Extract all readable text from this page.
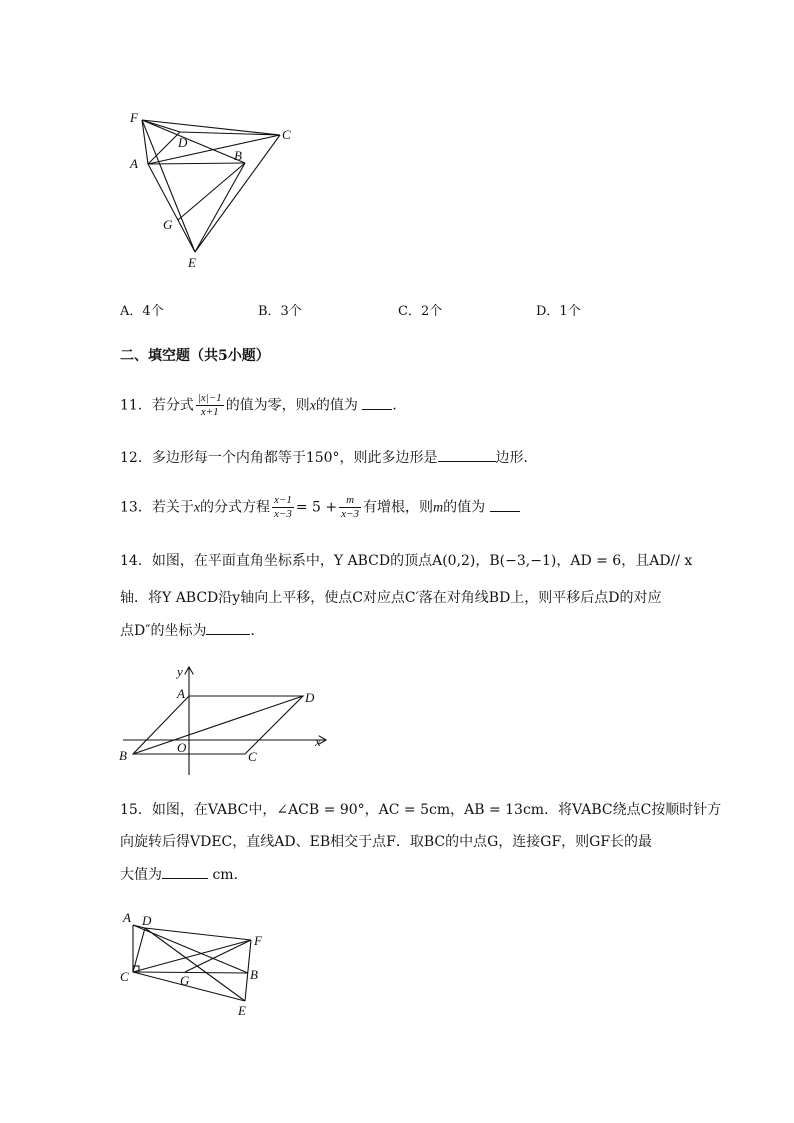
F
D
C
A
B
G
E
A．4个	B．3个	C．2个	D．1个
二、填空题（共5小题）
11．若分式 $\frac{|x|-1}{x+1}$ 的值为零，则x的值为 ．
12．多边形每一个内角都等于150°，则此多边形是	边形．
13．若关于x的分式方程 $\frac{x-1}{x-3} = 5 + \frac{m}{x-3}$ 有增根，则m的值为
14．如图，在平面直角坐标系中，Y ABCD的顶点A(0,2)，B(−3,−1)，AD = 6，且AD// x
轴．将Y ABCD沿y轴向上平移，使点C对应点C′落在对角线BD上，则平移后点D的对应
点D″的坐标为	．
y
A	D
O	x
B	C
15．如图，在VABC中，∠ACB = 90°，AC = 5cm，AB = 13cm．将VABC绕点C按顺时针方
向旋转后得VDEC，直线AD、EB相交于点F．取BC的中点G，连接GF，则GF长的最
大值为	cm．
A D
F
C	G	B
E
